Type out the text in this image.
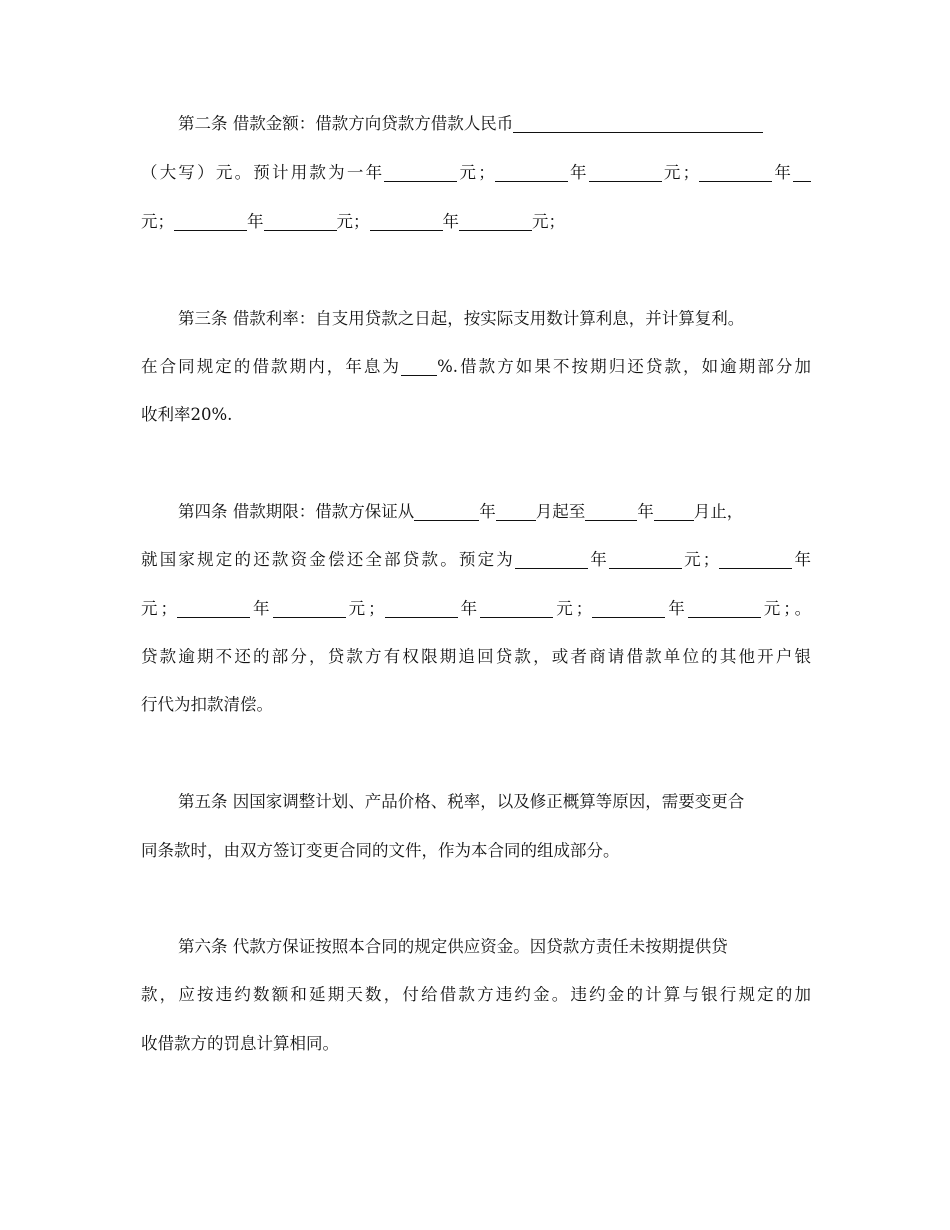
第二条 借款金额：借款方向贷款方借款人民币
（大写）元。预计用款为一年	元；	年	元；	年
元；	年	元；	年	元；
第三条 借款利率：自支用贷款之日起，按实际支用数计算利息，并计算复利。
在合同规定的借款期内，年息为 %.借款方如果不按期归还贷款，如逾期部分加
收利率20%.
第四条 借款期限：借款方保证从	年 月起至	年 月止，
就国家规定的还款资金偿还全部贷款。预定为	年	元；	年
元；	年	元；	年	元；	年	元；。
贷款逾期不还的部分，贷款方有权限期追回贷款，或者商请借款单位的其他开户银
行代为扣款清偿。
第五条 因国家调整计划、产品价格、税率，以及修正概算等原因，需要变更合
同条款时，由双方签订变更合同的文件，作为本合同的组成部分。
第六条 代款方保证按照本合同的规定供应资金。因贷款方责任未按期提供贷
款，应按违约数额和延期天数，付给借款方违约金。违约金的计算与银行规定的加
收借款方的罚息计算相同。
